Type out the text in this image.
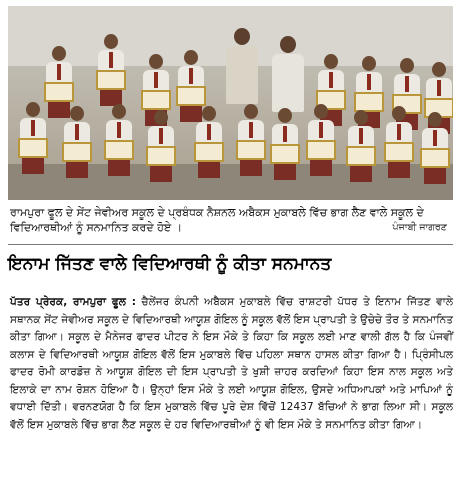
ਰਾਮਪੁਰਾ ਫੂਲ ਦੇ ਸੇਂਟ ਜੇਵੀਅਰ ਸਕੂਲ ਦੇ ਪ੍ਰਬੰਧਕ ਨੈਸ਼ਨਲ ਅਬੈਕਸ ਮੁਕਾਬਲੇ ਵਿੱਚ ਭਾਗ ਲੈਣ ਵਾਲੇ ਸਕੂਲ ਦੇ ਵਿਦਿਆਰਥੀਆਂ ਨੂੰ ਸਨਮਾਨਿਤ ਕਰਦੇ ਹੋਏ ।	ਪੰਜਾਬੀ ਜਾਗਰਣ
ਇਨਾਮ ਜਿੱਤਣ ਵਾਲੇ ਵਿਦਿਆਰਥੀ ਨੂੰ ਕੀਤਾ ਸਨਮਾਨਤ
ਪੱਤਰ ਪ੍ਰੇਰਕ, ਰਾਮਪੁਰਾ ਫੂਲ : ਚੈਲੇਂਜਰ ਕੰਪਨੀ ਅਬੈਕਸ ਮੁਕਾਬਲੇ ਵਿੱਚ ਰਾਸ਼ਟਰੀ ਪੱਧਰ ਤੇ ਇਨਾਮ ਜਿੱਤਣ ਵਾਲੇ ਸਥਾਨਕ ਸੇਂਟ ਜੇਵੀਅਰ ਸਕੂਲ ਦੇ ਵਿਦਿਆਰਥੀ ਆਯੂਸ਼ ਗੋਇਲ ਨੂੰ ਸਕੂਲ ਵੱਲੋਂ ਇਸ ਪ੍ਰਾਪਤੀ ਤੇ ਉਚੇਚੇ ਤੌਰ ਤੇ ਸਨਮਾਨਿਤ ਕੀਤਾ ਗਿਆ। ਸਕੂਲ ਦੇ ਮੈਨੇਜਰ ਫਾਦਰ ਪੀਟਰ ਨੇ ਇਸ ਮੌਕੇ ਤੇ ਕਿਹਾ ਕਿ ਸਕੂਲ ਲਈ ਮਾਣ ਵਾਲੀ ਗੱਲ ਹੈ ਕਿ ਪੰਜਵੀਂ ਕਲਾਸ ਦੇ ਵਿਦਿਆਰਥੀ ਆਯੂਸ਼ ਗੋਇਲ ਵੱਲੋਂ ਇਸ ਮੁਕਾਬਲੇ ਵਿੱਚ ਪਹਿਲਾ ਸਥਾਨ ਹਾਸਲ ਕੀਤਾ ਗਿਆ ਹੈ। ਪ੍ਰਿੰਸੀਪਲ ਫਾਦਰ ਰੋਮੀ ਕਾਰਡੋਜ਼ ਨੇ ਆਯੂਸ਼ ਗੋਇਲ ਦੀ ਇਸ ਪ੍ਰਾਪਤੀ ਤੇ ਖੁਸ਼ੀ ਜ਼ਾਹਰ ਕਰਦਿਆਂ ਕਿਹਾ ਇਸ ਨਾਲ ਸਕੂਲ ਅਤੇ ਇਲਾਕੇ ਦਾ ਨਾਮ ਰੋਸ਼ਨ ਹੋਇਆ ਹੈ। ਉਨ੍ਹਾਂ ਇਸ ਮੌਕੇ ਤੇ ਲਈ ਆਯੂਸ਼ ਗੋਇਲ, ਉਸਦੇ ਅਧਿਆਪਕਾਂ ਅਤੇ ਮਾਪਿਆਂ ਨੂੰ ਵਧਾਈ ਦਿੱਤੀ। ਵਰਨਣਯੋਗ ਹੈ ਕਿ ਇਸ ਮੁਕਾਬਲੇ ਵਿੱਚ ਪੂਰੇ ਦੇਸ਼ ਵਿੱਚੋਂ 12437 ਬੱਚਿਆਂ ਨੇ ਭਾਗ ਲਿਆ ਸੀ। ਸਕੂਲ ਵੱਲੋਂ ਇਸ ਮੁਕਾਬਲੇ ਵਿੱਚ ਭਾਗ ਲੈਣ ਸਕੂਲ ਦੇ ਹਰ ਵਿਦਿਆਰਥੀਆਂ ਨੂੰ ਵੀ ਇਸ ਮੌਕੇ ਤੇ ਸਨਮਾਨਿਤ ਕੀਤਾ ਗਿਆ।
